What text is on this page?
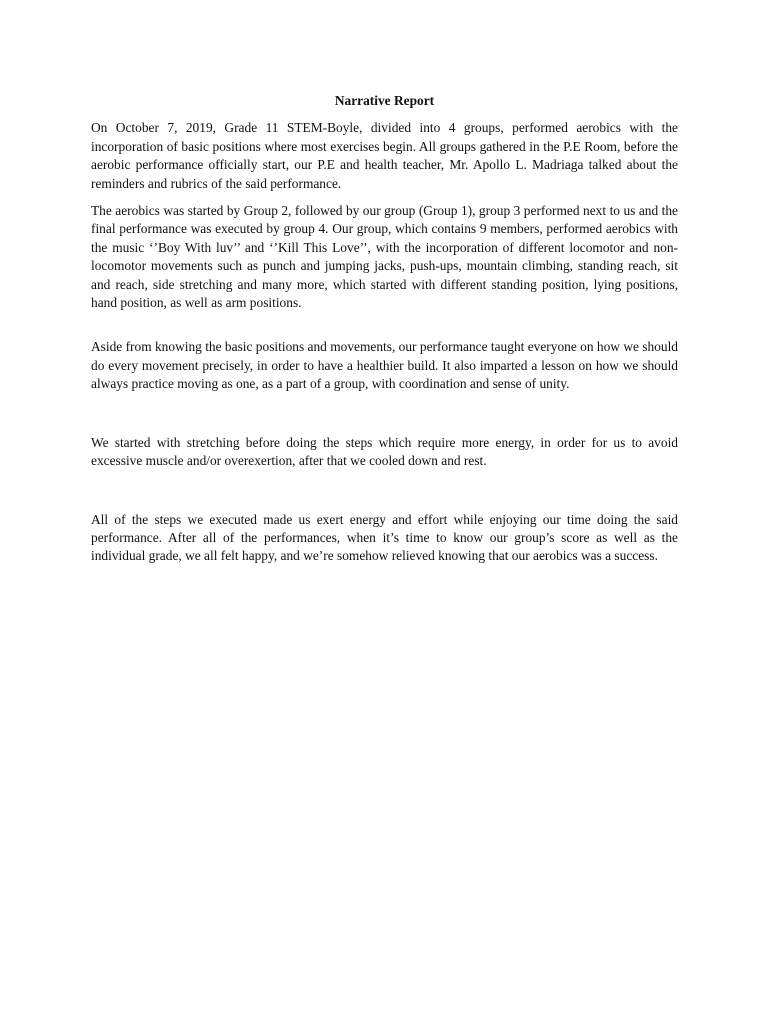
Narrative Report

On October 7, 2019, Grade 11 STEM-Boyle, divided into 4 groups, performed aerobics with the incorporation of basic positions where most exercises begin. All groups gathered in the P.E Room, before the aerobic performance officially start, our P.E and health teacher, Mr. Apollo L. Madriaga talked about the reminders and rubrics of the said performance.

The aerobics was started by Group 2, followed by our group (Group 1), group 3 performed next to us and the final performance was executed by group 4. Our group, which contains 9 members, performed aerobics with the music ‘’Boy With luv’’ and ‘’Kill This Love’’, with the incorporation of different locomotor and non-locomotor movements such as punch and jumping jacks, push-ups, mountain climbing, standing reach, sit and reach, side stretching and many more, which started with different standing position, lying positions, hand position, as well as arm positions.

Aside from knowing the basic positions and movements, our performance taught everyone on how we should do every movement precisely, in order to have a healthier build. It also imparted a lesson on how we should always practice moving as one, as a part of a group, with coordination and sense of unity.

We started with stretching before doing the steps which require more energy, in order for us to avoid excessive muscle and/or overexertion, after that we cooled down and rest.

All of the steps we executed made us exert energy and effort while enjoying our time doing the said performance. After all of the performances, when it’s time to know our group’s score as well as the individual grade, we all felt happy, and we’re somehow relieved knowing that our aerobics was a success.
